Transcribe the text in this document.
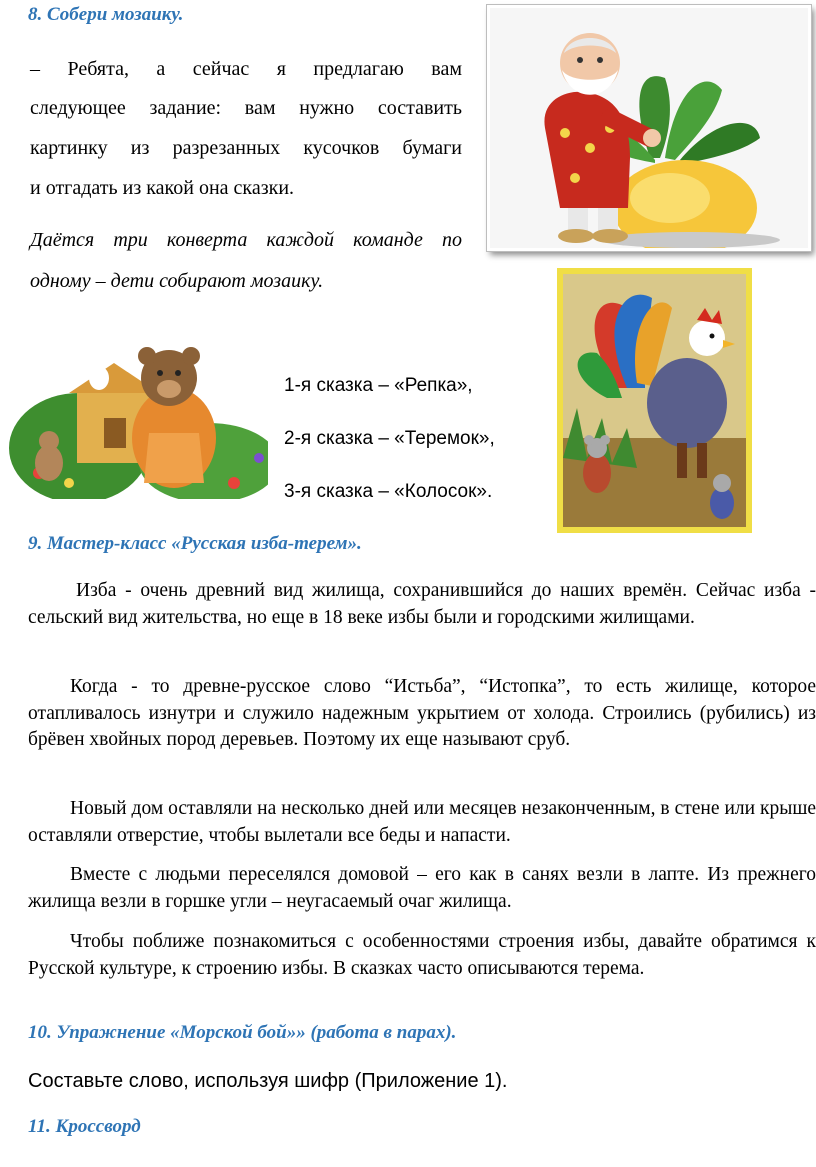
8. Собери мозаику.
– Ребята, а сейчас я предлагаю вам
следующее задание: вам нужно составить
картинку из разрезанных кусочков бумаги
и отгадать из какой она сказки.
Даётся три конверта каждой команде по
одному – дети собирают мозаику.
1-я сказка – «Репка»,
2-я сказка – «Теремок»,
3-я сказка – «Колосок».
9. Мастер-класс «Русская изба-терем».

Изба - очень древний вид жилища, сохранившийся до наших времён. Сейчас изба - сельский вид жительства, но еще в 18 веке избы были и городскими жилищами.

Когда - то древне-русское слово “Истьба”, “Истопка”, то есть жилище, которое отапливалось изнутри и служило надежным укрытием от холода. Строились (рубились) из брёвен хвойных пород деревьев. Поэтому их еще называют сруб.

Новый дом оставляли на несколько дней или месяцев незаконченным, в стене или крыше оставляли отверстие, чтобы вылетали все беды и напасти.

Вместе с людьми переселялся домовой – его как в санях везли в лапте. Из прежнего жилища везли в горшке угли – неугасаемый очаг жилища.

Чтобы поближе познакомиться с особенностями строения избы, давайте обратимся к Русской культуре, к строению избы. В сказках часто описываются терема.

10. Упражнение «Морской бой»» (работа в парах).
Составьте слово, используя шифр (Приложение 1).
11. Кроссворд
